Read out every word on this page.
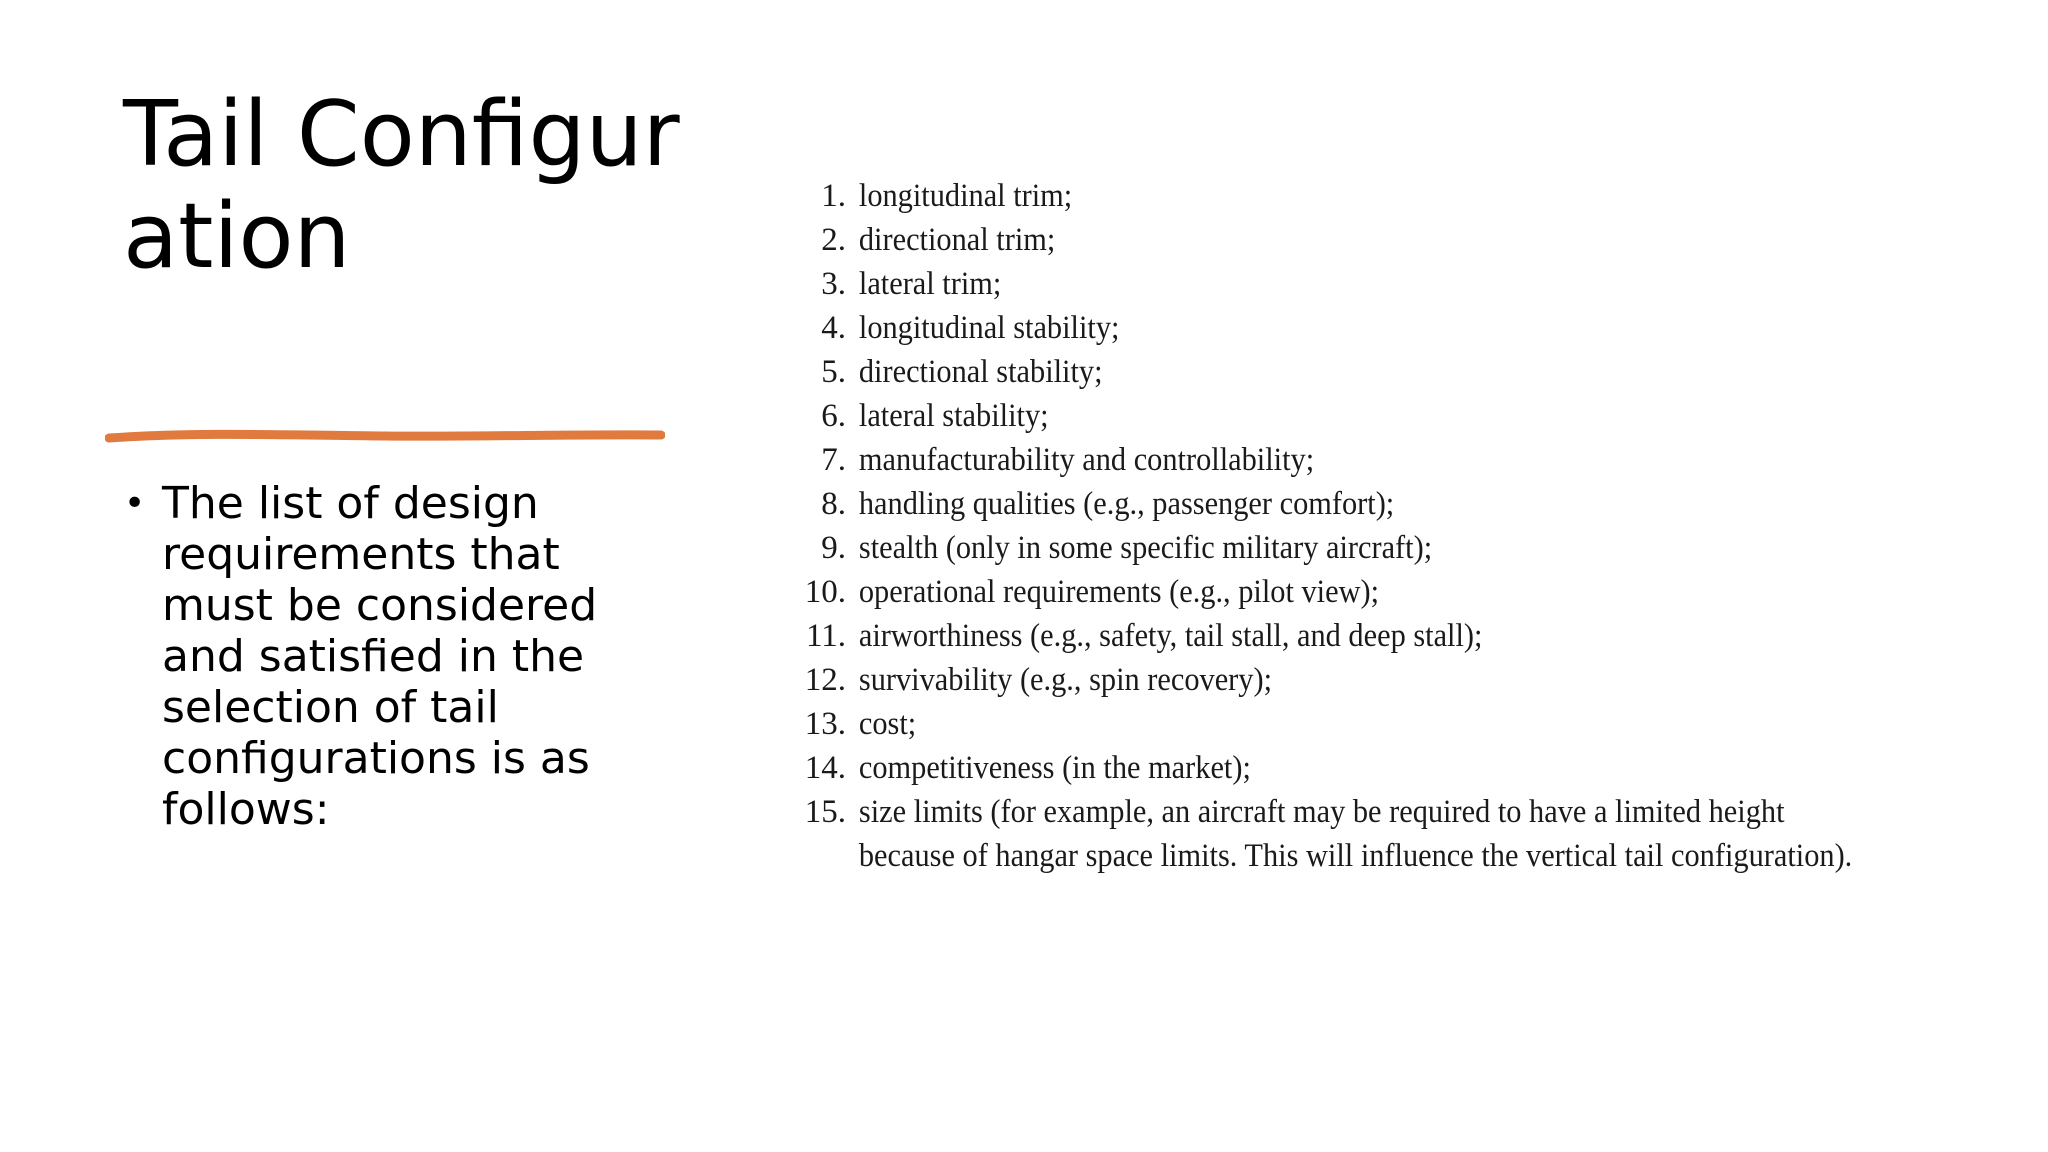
Tail Configuration
• The list of design requirements that must be considered and satisfied in the selection of tail configurations is as follows:
1. longitudinal trim;
2. directional trim;
3. lateral trim;
4. longitudinal stability;
5. directional stability;
6. lateral stability;
7. manufacturability and controllability;
8. handling qualities (e.g., passenger comfort);
9. stealth (only in some specific military aircraft);
10. operational requirements (e.g., pilot view);
11. airworthiness (e.g., safety, tail stall, and deep stall);
12. survivability (e.g., spin recovery);
13. cost;
14. competitiveness (in the market);
15. size limits (for example, an aircraft may be required to have a limited height because of hangar space limits. This will influence the vertical tail configuration).
